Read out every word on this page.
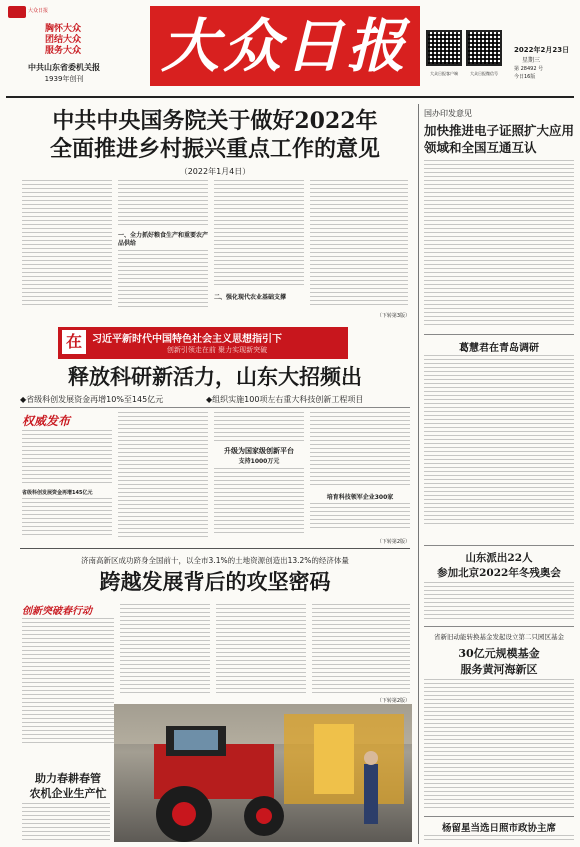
大众日报
胸怀大众
团结大众
服务大众
中共山东省委机关报
1939年创刊	大众日报	大众日报客户端	大众日报微信号
2022年2月23日
星期三
第 28492 号
今日16版
中共中央国务院关于做好2022年
全面推进乡村振兴重点工作的意见
（2022年1月4日）
一、全力抓好粮食生产和重要农产品供给
二、强化现代农业基础支撑
（下转第3版）
在	习近平新时代中国特色社会主义思想指引下
创新引领走在前 聚力实现新突破
释放科研新活力，山东大招频出
◆省级科创发展资金再增10%至145亿元	◆组织实施100项左右重大科技创新工程项目
权威发布
省级科创发展资金再增145亿元
升级为国家级创新平台
支持1000万元
培育科技领军企业300家
（下转第2版）
济南高新区成功跻身全国前十，以全市3.1%的土地资源创造出13.2%的经济体量
跨越发展背后的攻坚密码
创新突破春行动
（下转第2版）
助力春耕春管
农机企业生产忙
国办印发意见
加快推进电子证照扩大应用领域和全国互通互认
葛慧君在青岛调研
山东派出22人
参加北京2022年冬残奥会
省新旧动能转换基金发起设立第二只园区基金
30亿元规模基金
服务黄河海新区
杨留星当选日照市政协主席
